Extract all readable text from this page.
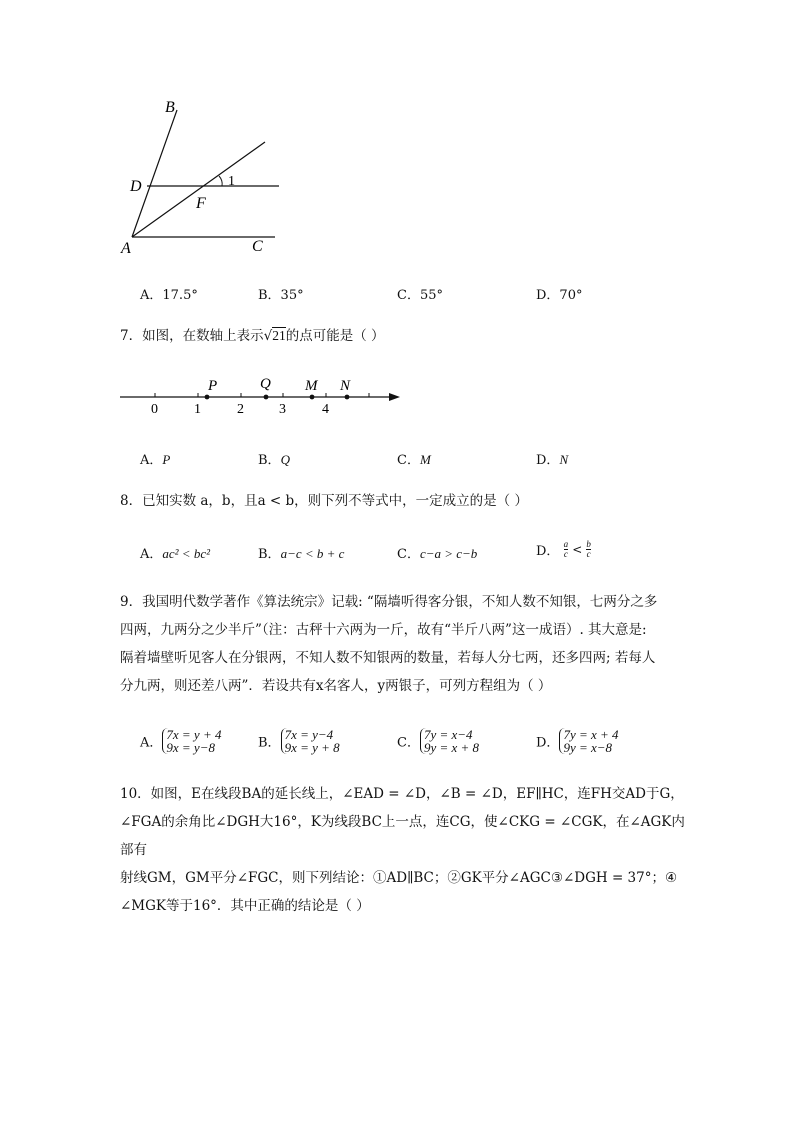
B
D
F
1
A	C
A．17.5°	B．35°	C．55°	D．70°
7．如图，在数轴上表示√21的点可能是（ ）
0	1	2	3	4
P	Q M N
A．P	B．Q	C．M	D．N
8．已知实数 a，b，且a < b，则下列不等式中，一定成立的是（ ）
A．ac² < bc²	B．a−c < b + c	C．c−a > c−b	D． $\frac{a}{c} < \frac{b}{c}$
9．我国明代数学著作《算法统宗》记载: “隔墙听得客分银，不知人数不知银，七两分之多
四两，九两分之少半斤”（注：古秤十六两为一斤，故有“半斤八两”这一成语）. 其大意是:
隔着墙壁听见客人在分银两，不知人数不知银两的数量，若每人分七两，还多四两; 若每人
分九两，则还差八两”．若设共有x名客人，y两银子，可列方程组为（ ）
A．7x = y + 4
9x = y−8	B．7x = y−4
9x = y + 8	C．7y = x−4
9y = x + 8	D．7y = x + 4
9y = x−8
10．如图，E在线段BA的延长线上，∠EAD = ∠D，∠B = ∠D，EF∥HC，连FH交AD于G，
∠FGA的余角比∠DGH大16°，K为线段BC上一点，连CG，使∠CKG = ∠CGK，在∠AGK内部有
射线GM，GM平分∠FGC，则下列结论：①AD∥BC；②GK平分∠AGC③∠DGH = 37°；④
∠MGK等于16°．其中正确的结论是（ ）
